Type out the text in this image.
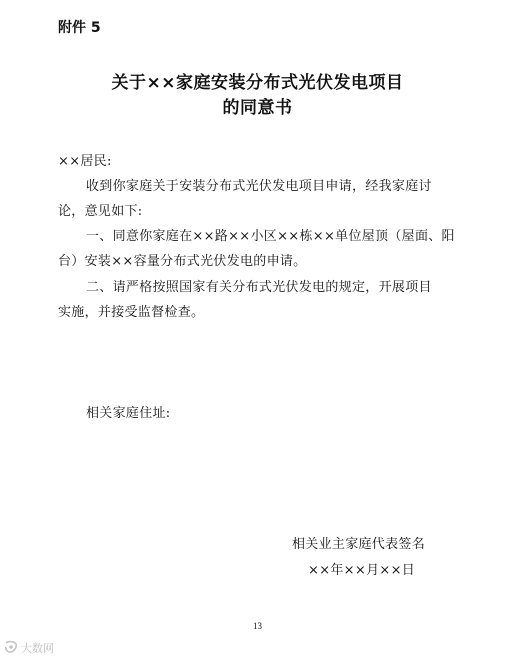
附件 5
关于××家庭安装分布式光伏发电项目
的同意书
××居民:
收到你家庭关于安装分布式光伏发电项目申请，经我家庭讨
论，意见如下:
一、同意你家庭在××路××小区××栋××单位屋顶（屋面、阳
台）安装××容量分布式光伏发电的申请。
二、请严格按照国家有关分布式光伏发电的规定，开展项目
实施，并接受监督检查。
相关家庭住址:
相关业主家庭代表签名
××年××月××日
13
大数网
